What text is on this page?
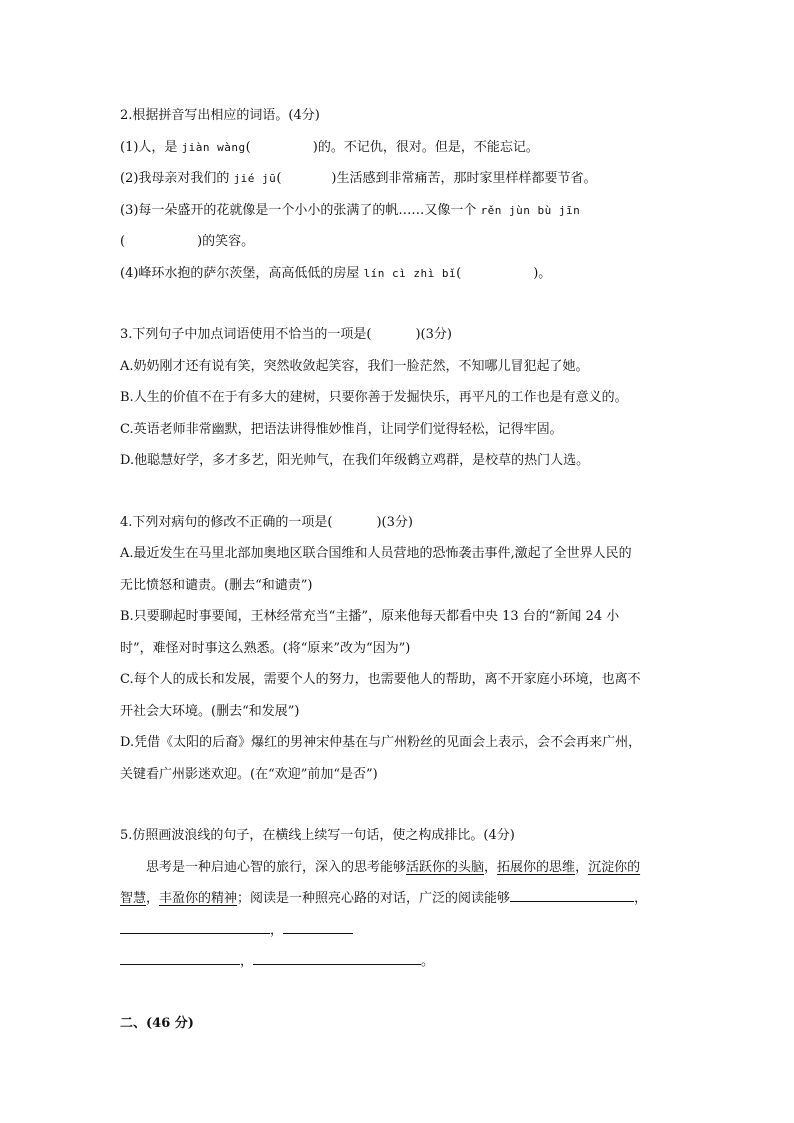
2.根据拼音写出相应的词语。(4分)
(1)人，是 jiàn wàng(	)的。不记仇，很对。但是，不能忘记。
(2)我母亲对我们的 jié jū(	)生活感到非常痛苦，那时家里样样都要节省。
(3)每一朵盛开的花就像是一个小小的张满了的帆……又像一个 rěn jùn bù jīn
(	)的笑容。
(4)峰环水抱的萨尔茨堡，高高低低的房屋 lín cì zhì bǐ(	)。
3.下列句子中加点词语使用不恰当的一项是(	)(3分)
A.奶奶刚才还有说有笑，突然收敛起笑容，我们一脸茫然，不知哪儿冒犯起了她。
B.人生的价值不在于有多大的建树，只要你善于发掘快乐，再平凡的工作也是有意义的。
C.英语老师非常幽默，把语法讲得惟妙惟肖，让同学们觉得轻松，记得牢固。
D.他聪慧好学，多才多艺，阳光帅气，在我们年级鹤立鸡群，是校草的热门人选。
4.下列对病句的修改不正确的一项是(	)(3分)
A.最近发生在马里北部加奥地区联合国维和人员营地的恐怖袭击事件,激起了全世界人民的
无比愤怒和谴责。(删去“和谴责”)
B.只要聊起时事要闻，王林经常充当“主播”，原来他每天都看中央 13 台的“新闻 24 小
时”，难怪对时事这么熟悉。(将“原来”改为“因为”)
C.每个人的成长和发展，需要个人的努力，也需要他人的帮助，离不开家庭小环境，也离不
开社会大环境。(删去“和发展”)
D.凭借《太阳的后裔》爆红的男神宋仲基在与广州粉丝的见面会上表示，会不会再来广州，
关键看广州影迷欢迎。(在“欢迎”前加“是否”)
5.仿照画波浪线的句子，在横线上续写一句话，使之构成排比。(4分)
思考是一种启迪心智的旅行，深入的思考能够活跃你的头脑，拓展你的思维，沉淀你的
智慧，丰盈你的精神；阅读是一种照亮心路的对话，广泛的阅读能够	，
，
，	。
二、(46 分)
